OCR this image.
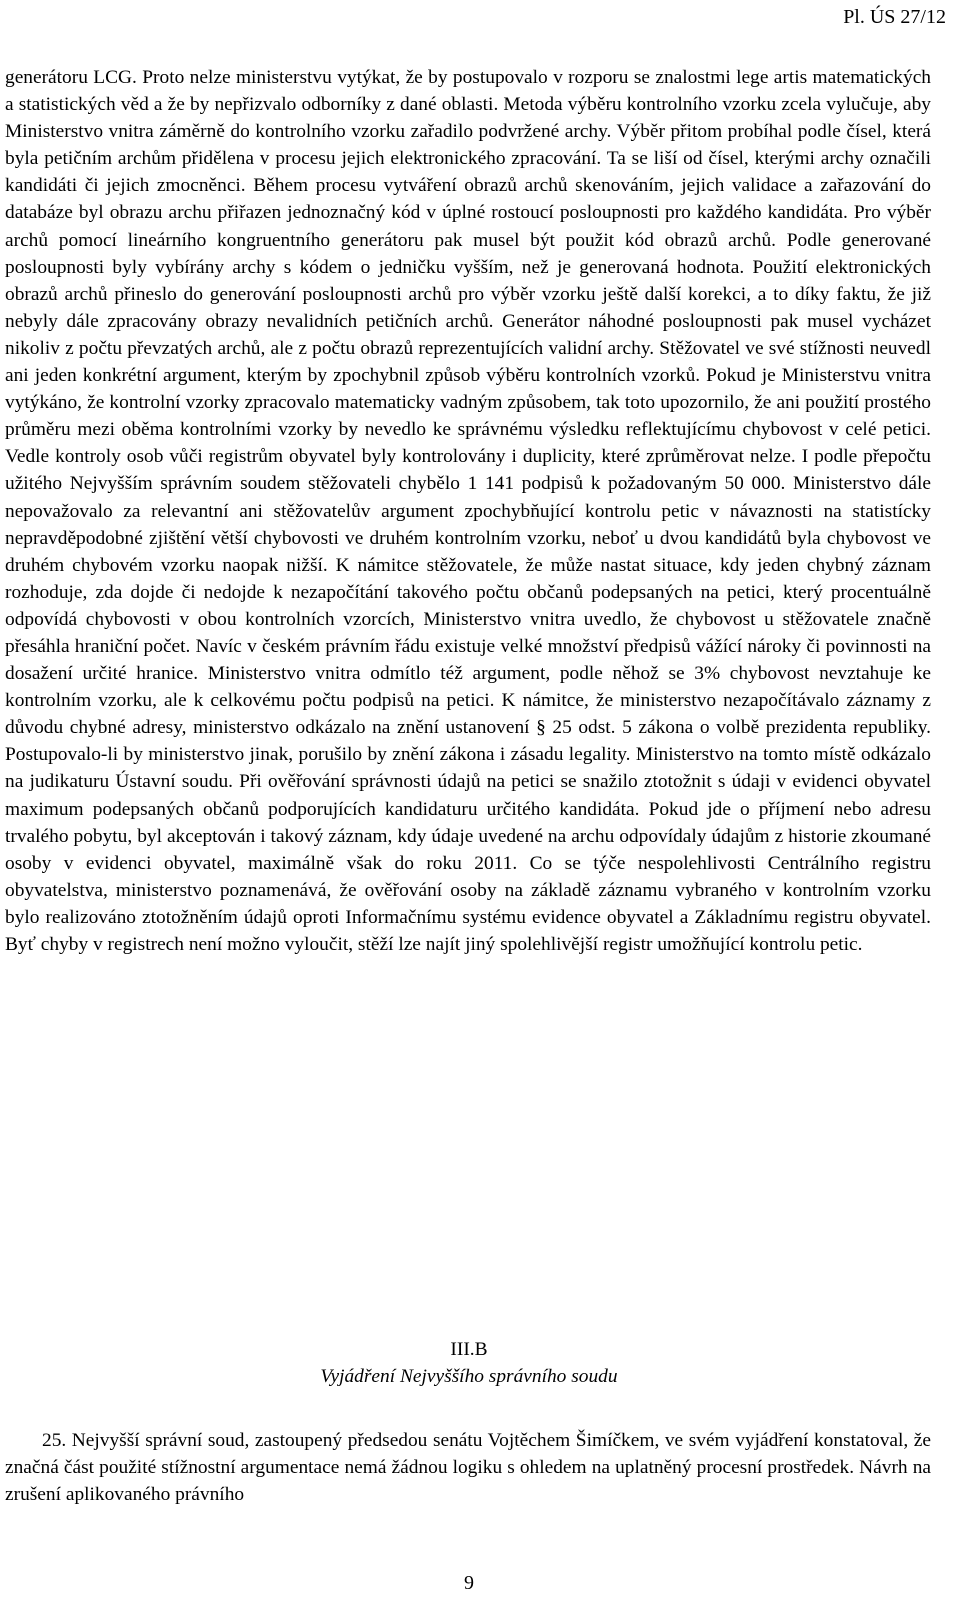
Pl. ÚS 27/12

generátoru LCG. Proto nelze ministerstvu vytýkat, že by postupovalo v rozporu se znalostmi lege artis matematických a statistických věd a že by nepřizvalo odborníky z dané oblasti. Metoda výběru kontrolního vzorku zcela vylučuje, aby Ministerstvo vnitra záměrně do kontrolního vzorku zařadilo podvržené archy. Výběr přitom probíhal podle čísel, která byla petičním archům přidělena v procesu jejich elektronického zpracování. Ta se liší od čísel, kterými archy označili kandidáti či jejich zmocněnci. Během procesu vytváření obrazů archů skenováním, jejich validace a zařazování do databáze byl obrazu archu přiřazen jednoznačný kód v úplné rostoucí posloupnosti pro každého kandidáta. Pro výběr archů pomocí lineárního kongruentního generátoru pak musel být použit kód obrazů archů. Podle generované posloupnosti byly vybírány archy s kódem o jedničku vyšším, než je generovaná hodnota. Použití elektronických obrazů archů přineslo do generování posloupnosti archů pro výběr vzorku ještě další korekci, a to díky faktu, že již nebyly dále zpracovány obrazy nevalidních petičních archů. Generátor náhodné posloupnosti pak musel vycházet nikoliv z počtu převzatých archů, ale z počtu obrazů reprezentujících validní archy. Stěžovatel ve své stížnosti neuvedl ani jeden konkrétní argument, kterým by zpochybnil způsob výběru kontrolních vzorků. Pokud je Ministerstvu vnitra vytýkáno, že kontrolní vzorky zpracovalo matematicky vadným způsobem, tak toto upozornilo, že ani použití prostého průměru mezi oběma kontrolními vzorky by nevedlo ke správnému výsledku reflektujícímu chybovost v celé petici. Vedle kontroly osob vůči registrům obyvatel byly kontrolovány i duplicity, které zprůměrovat nelze. I podle přepočtu užitého Nejvyšším správním soudem stěžovateli chybělo 1 141 podpisů k požadovaným 50 000. Ministerstvo dále nepovažovalo za relevantní ani stěžovatelův argument zpochybňující kontrolu petic v návaznosti na statistícky nepravděpodobné zjištění větší chybovosti ve druhém kontrolním vzorku, neboť u dvou kandidátů byla chybovost ve druhém chybovém vzorku naopak nižší. K námitce stěžovatele, že může nastat situace, kdy jeden chybný záznam rozhoduje, zda dojde či nedojde k nezapočítání takového počtu občanů podepsaných na petici, který procentuálně odpovídá chybovosti v obou kontrolních vzorcích, Ministerstvo vnitra uvedlo, že chybovost u stěžovatele značně přesáhla hraniční počet. Navíc v českém právním řádu existuje velké množství předpisů vážící nároky či povinnosti na dosažení určité hranice. Ministerstvo vnitra odmítlo též argument, podle něhož se 3% chybovost nevztahuje ke kontrolním vzorku, ale k celkovému počtu podpisů na petici. K námitce, že ministerstvo nezapočítávalo záznamy z důvodu chybné adresy, ministerstvo odkázalo na znění ustanovení § 25 odst. 5 zákona o volbě prezidenta republiky. Postupovalo-li by ministerstvo jinak, porušilo by znění zákona i zásadu legality. Ministerstvo na tomto místě odkázalo na judikaturu Ústavní soudu. Při ověřování správnosti údajů na petici se snažilo ztotožnit s údaji v evidenci obyvatel maximum podepsaných občanů podporujících kandidaturu určitého kandidáta. Pokud jde o příjmení nebo adresu trvalého pobytu, byl akceptován i takový záznam, kdy údaje uvedené na archu odpovídaly údajům z historie zkoumané osoby v evidenci obyvatel, maximálně však do roku 2011. Co se týče nespolehlivosti Centrálního registru obyvatelstva, ministerstvo poznamenává, že ověřování osoby na základě záznamu vybraného v kontrolním vzorku bylo realizováno ztotožněním údajů oproti Informačnímu systému evidence obyvatel a Základnímu registru obyvatel. Byť chyby v registrech není možno vyloučit, stěží lze najít jiný spolehlivější registr umožňující kontrolu petic.

III.B

Vyjádření Nejvyššího správního soudu

25. Nejvyšší správní soud, zastoupený předsedou senátu Vojtěchem Šimíčkem, ve svém vyjádření konstatoval, že značná část použité stížnostní argumentace nemá žádnou logiku s ohledem na uplatněný procesní prostředek. Návrh na zrušení aplikovaného právního

9
